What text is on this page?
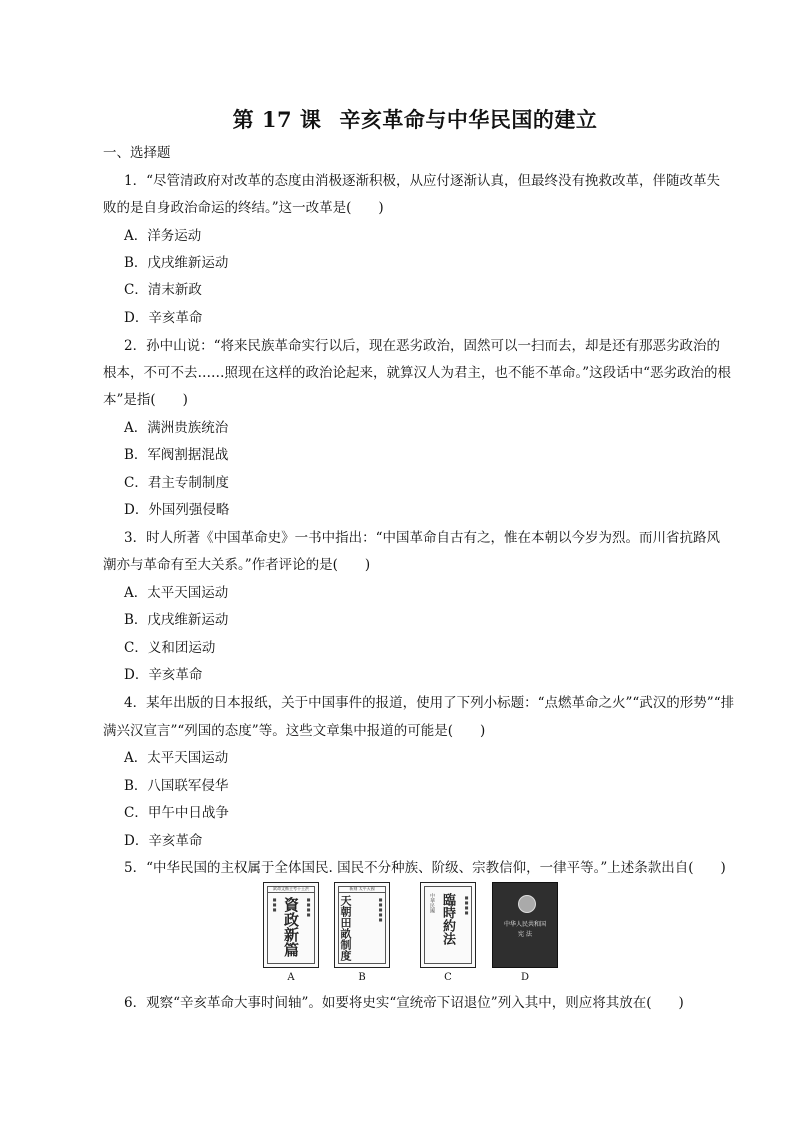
第 17 课 辛亥革命与中华民国的建立
一、选择题
1．“尽管清政府对改革的态度由消极逐渐积极，从应付逐渐认真，但最终没有挽救改革，伴随改革失
败的是自身政治命运的终结。”这一改革是(　　)
A．洋务运动
B．戊戌维新运动
C．清末新政
D．辛亥革命
2．孙中山说：“将来民族革命实行以后，现在恶劣政治，固然可以一扫而去，却是还有那恶劣政治的
根本，不可不去……照现在这样的政治论起来，就算汉人为君主，也不能不革命。”这段话中“恶劣政治的根
本”是指(　　)
A．满洲贵族统治
B．军阀割据混战
C．君主专制制度
D．外国列强侵略
3．时人所著《中国革命史》一书中指出：“中国革命自古有之，惟在本朝以今岁为烈。而川省抗路风
潮亦与革命有至大关系。”作者评论的是(　　)
A．太平天国运动
B．戊戌维新运动
C．义和团运动
D．辛亥革命
4．某年出版的日本报纸，关于中国事件的报道，使用了下列小标题：“点燃革命之火”“武汉的形势”“排
满兴汉宣言”“列国的态度”等。这些文章集中报道的可能是(　　)
A．太平天国运动
B．八国联军侵华
C．甲午中日战争
D．辛亥革命
5．“中华民国的主权属于全体国民. 国民不分种族、阶级、宗教信仰，一律平等。”上述条款出自(　　)
欽命文衡主考干王洪
資政新篇
■■■	■■■■
A
新刻 太平天國
天朝田畝制度	■■■■■
B
臨時約法
中華民國	■■■■
C
中华人民共和国
宪 法
D
6．观察“辛亥革命大事时间轴”。如要将史实“宣统帝下诏退位”列入其中，则应将其放在(　　)
